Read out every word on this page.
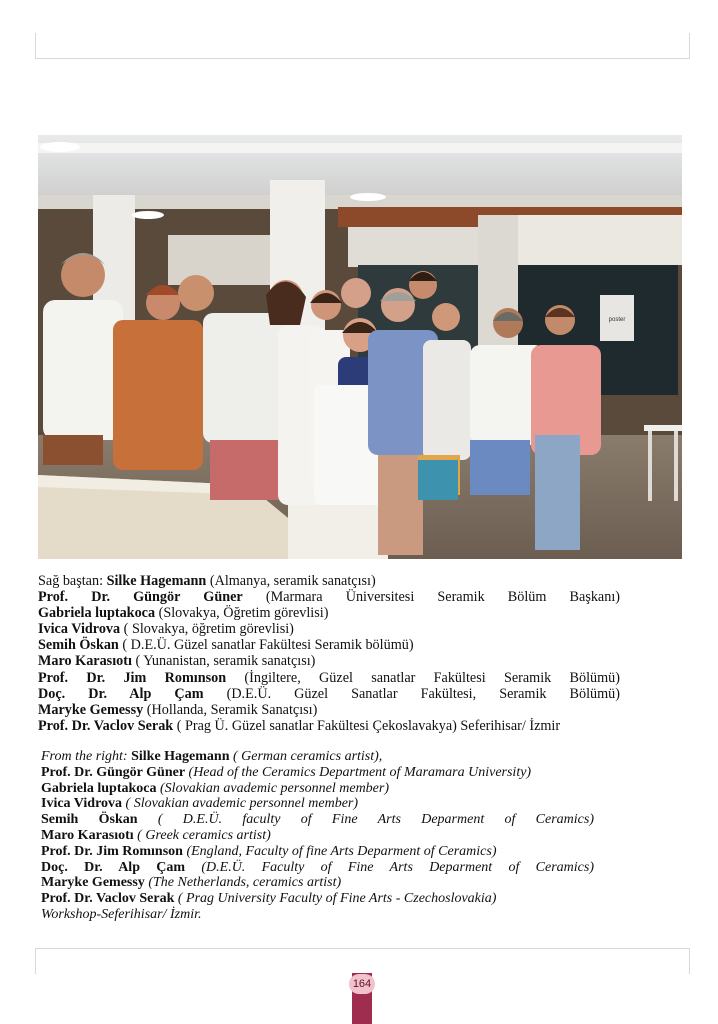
poster
Sağ baştan: Silke Hagemann (Almanya, seramik sanatçısı)
Prof. Dr. Güngör Güner (Marmara Üniversitesi Seramik Bölüm Başkanı)
Gabriela luptakoca (Slovakya, Öğretim görevlisi)
Ivica Vidrova ( Slovakya, öğretim görevlisi)
Semih Öskan ( D.E.Ü. Güzel sanatlar Fakültesi Seramik bölümü)
Maro Karasıotı ( Yunanistan, seramik sanatçısı)
Prof. Dr. Jim Romınson (İngiltere, Güzel sanatlar Fakültesi Seramik Bölümü)
Doç. Dr. Alp Çam (D.E.Ü. Güzel Sanatlar Fakültesi, Seramik Bölümü)
Maryke Gemessy (Hollanda, Seramik Sanatçısı)
Prof. Dr. Vaclov Serak ( Prag Ü. Güzel sanatlar Fakültesi Çekoslavakya) Seferihisar/ İzmir
From the right: Silke Hagemann ( German ceramics artist),
Prof. Dr. Güngör Güner (Head of the Ceramics Department of Maramara University)
Gabriela luptakoca (Slovakian avademic personnel member)
Ivica Vidrova ( Slovakian avademic personnel member)
Semih Öskan ( D.E.Ü. faculty of Fine Arts Deparment of Ceramics)
Maro Karasıotı ( Greek ceramics artist)
Prof. Dr. Jim Romınson (England, Faculty of fine Arts Deparment of Ceramics)
Doç. Dr. Alp Çam (D.E.Ü. Faculty of Fine Arts Deparment of Ceramics)
Maryke Gemessy (The Netherlands, ceramics artist)
Prof. Dr. Vaclov Serak ( Prag University Faculty of Fine Arts - Czechoslovakia)
Workshop-Seferihisar/ İzmir.
164
